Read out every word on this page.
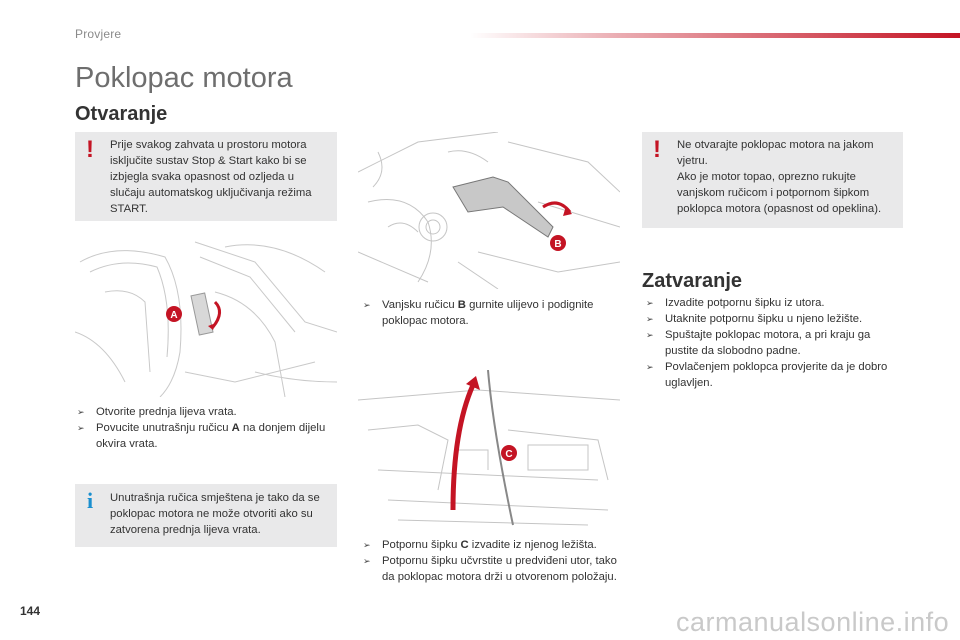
Provjere
Poklopac motora
Otvaranje
! Prije svakog zahvata u prostoru motora isključite sustav Stop & Start kako bi se izbjegla svaka opasnost od ozljeda u slučaju automatskog uključivanja režima START.

A
➢ Otvorite prednja lijeva vrata.
➢ Povucite unutrašnju ručicu A na donjem dijelu okvira vrata.
i Unutrašnja ručica smještena je tako da se poklopac motora ne može otvoriti ako su zatvorena prednja lijeva vrata.

B
➢ Vanjsku ručicu B gurnite ulijevo i podignite poklopac motora.
C
➢ Potpornu šipku C izvadite iz njenog ležišta.
➢ Potpornu šipku učvrstite u predviđeni utor, tako da poklopac motora drži u otvorenom položaju.
! Ne otvarajte poklopac motora na jakom vjetru.

Ako je motor topao, oprezno rukujte vanjskom ručicom i potpornom šipkom poklopca motora (opasnost od opeklina).

Zatvaranje
➢ Izvadite potpornu šipku iz utora.
➢ Utaknite potpornu šipku u njeno ležište.
➢ Spuštajte poklopac motora, a pri kraju ga pustite da slobodno padne.
➢ Povlačenjem poklopca provjerite da je dobro uglavljen.
144	carmanualsonline.info
